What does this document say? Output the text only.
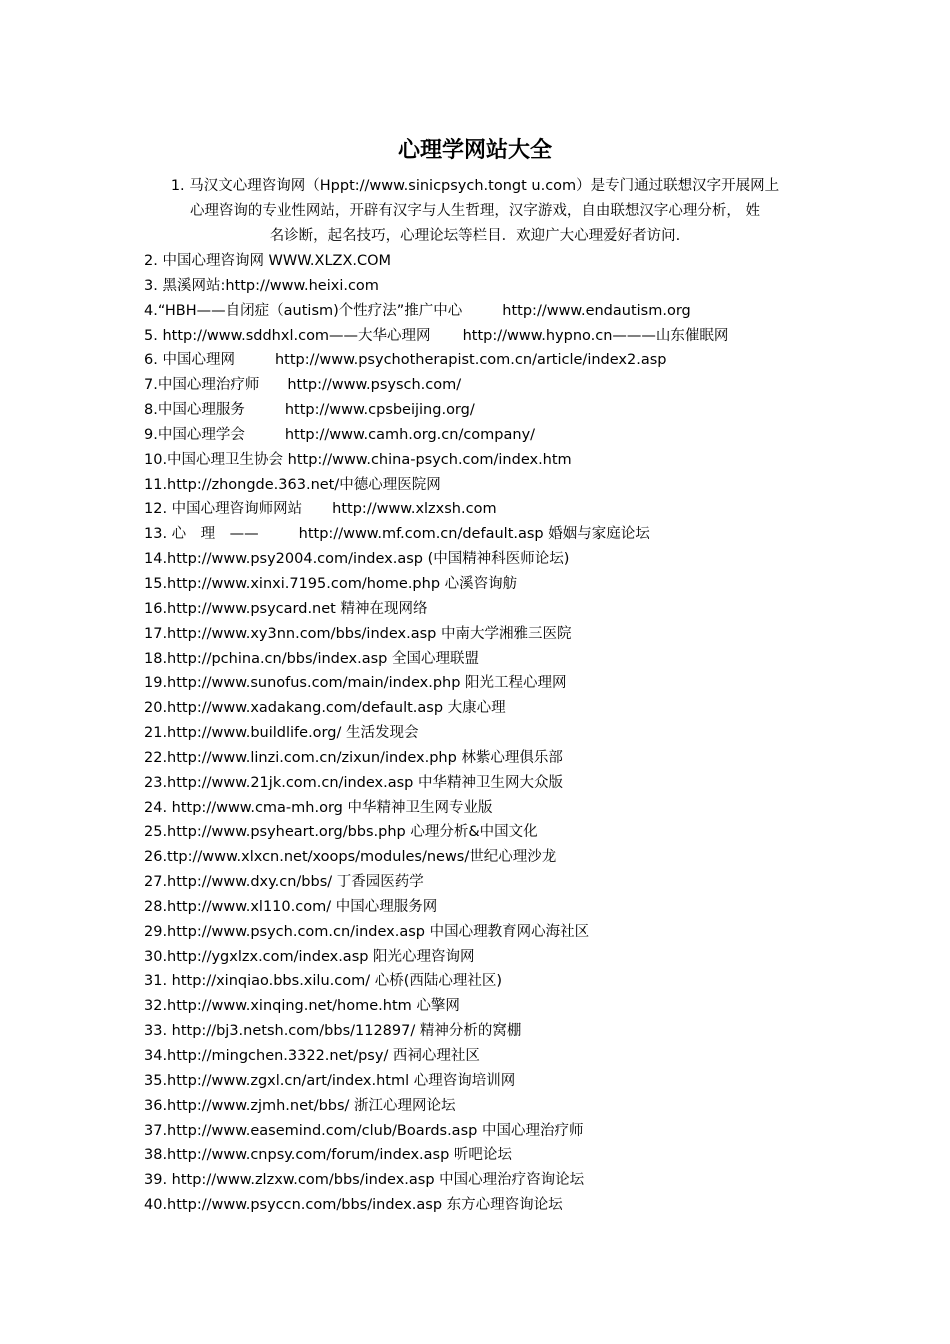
心理学网站大全
1. 马汉文心理咨询网（Hppt://www.sinicpsych.tongt u.com）是专门通过联想汉字开展网上
心理咨询的专业性网站，开辟有汉字与人生哲理，汉字游戏，自由联想汉字心理分析， 姓
名诊断，起名技巧，心理论坛等栏目．欢迎广大心理爱好者访问.
2. 中国心理咨询网 WWW.XLZX.COM
3. 黑溪网站:http://www.heixi.com
4.“HBH——自闭症（autism)个性疗法”推广中心	http://www.endautism.org
5. http://www.sddhxl.com——大华心理网 http://www.hypno.cn———山东催眠网
6. 中国心理网	http://www.psychotherapist.com.cn/article/index2.asp
7.中国心理治疗师 http://www.psysch.com/
8.中国心理服务	http://www.cpsbeijing.org/
9.中国心理学会	http://www.camh.org.cn/company/
10.中国心理卫生协会 http://www.china-psych.com/index.htm
11.http://zhongde.363.net/中德心理医院网
12. 中国心理咨询师网站 http://www.xlzxsh.com
13. 心　理　——	http://www.mf.com.cn/default.asp 婚姻与家庭论坛
14.http://www.psy2004.com/index.asp (中国精神科医师论坛)
15.http://www.xinxi.7195.com/home.php 心溪咨询舫
16.http://www.psycard.net 精神在现网络
17.http://www.xy3nn.com/bbs/index.asp 中南大学湘雅三医院
18.http://pchina.cn/bbs/index.asp 全国心理联盟
19.http://www.sunofus.com/main/index.php 阳光工程心理网
20.http://www.xadakang.com/default.asp 大康心理
21.http://www.buildlife.org/ 生活发现会
22.http://www.linzi.com.cn/zixun/index.php 林紫心理俱乐部
23.http://www.21jk.com.cn/index.asp 中华精神卫生网大众版
24. http://www.cma-mh.org 中华精神卫生网专业版
25.http://www.psyheart.org/bbs.php 心理分析&中国文化
26.ttp://www.xlxcn.net/xoops/modules/news/世纪心理沙龙
27.http://www.dxy.cn/bbs/ 丁香园医药学
28.http://www.xl110.com/ 中国心理服务网
29.http://www.psych.com.cn/index.asp 中国心理教育网心海社区
30.http://ygxlzx.com/index.asp 阳光心理咨询网
31. http://xinqiao.bbs.xilu.com/ 心桥(西陆心理社区)
32.http://www.xinqing.net/home.htm 心擎网
33. http://bj3.netsh.com/bbs/112897/ 精神分析的窝棚
34.http://mingchen.3322.net/psy/ 西祠心理社区
35.http://www.zgxl.cn/art/index.html 心理咨询培训网
36.http://www.zjmh.net/bbs/ 浙江心理网论坛
37.http://www.easemind.com/club/Boards.asp 中国心理治疗师
38.http://www.cnpsy.com/forum/index.asp 听吧论坛
39. http://www.zlzxw.com/bbs/index.asp 中国心理治疗咨询论坛
40.http://www.psyccn.com/bbs/index.asp 东方心理咨询论坛
